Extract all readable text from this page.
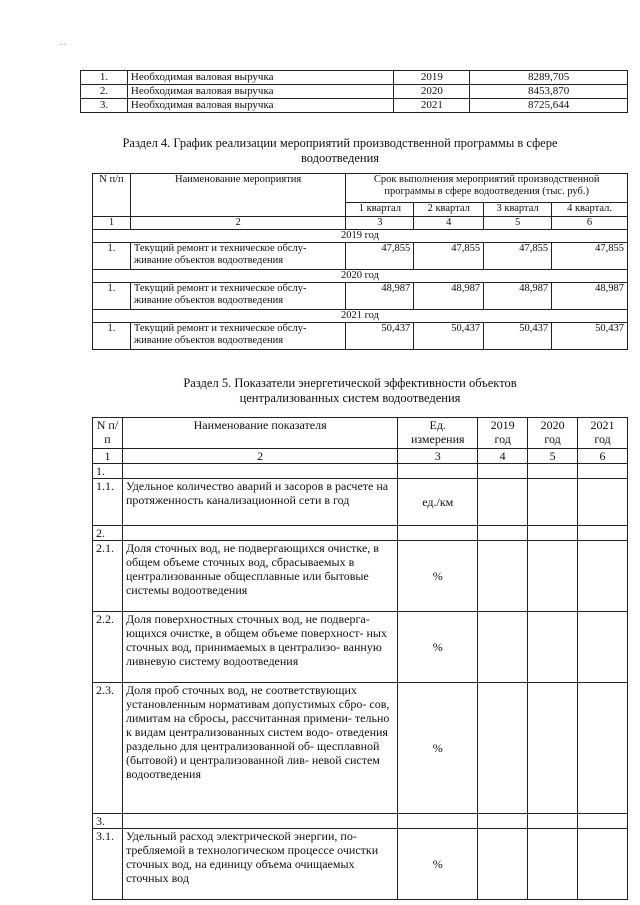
. .
1.	Необходимая валовая выручка	2019	8289,705
2.	Необходимая валовая выручка	2020	8453,870
3.	Необходимая валовая выручка	2021	8725,644
Раздел 4. График реализации мероприятий производственной программы в сфере водоотведения
N п/п	Наименование мероприятия	Срок выполнения мероприятий производственной программы в сфере водоотведения (тыс. руб.)			
		1 квартал	2 квартал	3 квартал	4 квартал.
1	2	3	4	5	6
2019 год					
1.	Текущий ремонт и техническое обслу- живание объектов водоотведения	47,855	47,855	47,855	47,855
2020 год					
1.	Текущий ремонт и техническое обслу- живание объектов водоотведения	48,987	48,987	48,987	48,987
2021 год					
1.	Текущий ремонт и техническое обслу- живание объектов водоотведения	50,437	50,437	50,437	50,437
Раздел 5. Показатели энергетической эффективности объектов централизованных систем водоотведения
N п/п	Наименование показателя	Ед. измерения	2019 год	2020 год	2021 год
1	2	3	4	5	6
1.					
1.1.	Удельное количество аварий и засоров в расчете на протяженность канализационной сети в год	ед./км			
2.					
2.1.	Доля сточных вод, не подвергающихся очистке, в общем объеме сточных вод, сбрасываемых в централизованные общесплавные или бытовые системы водоотведения	%			
2.2.	Доля поверхностных сточных вод, не подверга- ющихся очистке, в общем объеме поверхност- ных сточных вод, принимаемых в централизо- ванную ливневую систему водоотведения	%			
2.3.	Доля проб сточных вод, не соответствующих установленным нормативам допустимых сбро- сов, лимитам на сбросы, рассчитанная примени- тельно к видам централизованных систем водо- отведения раздельно для централизованной об- щесплавной (бытовой) и централизованной лив- невой систем водоотведения	%			
3.					
3.1.	Удельный расход электрической энергии, по- требляемой в технологическом процессе очистки сточных вод, на единицу объема очищаемых сточных вод	%			
